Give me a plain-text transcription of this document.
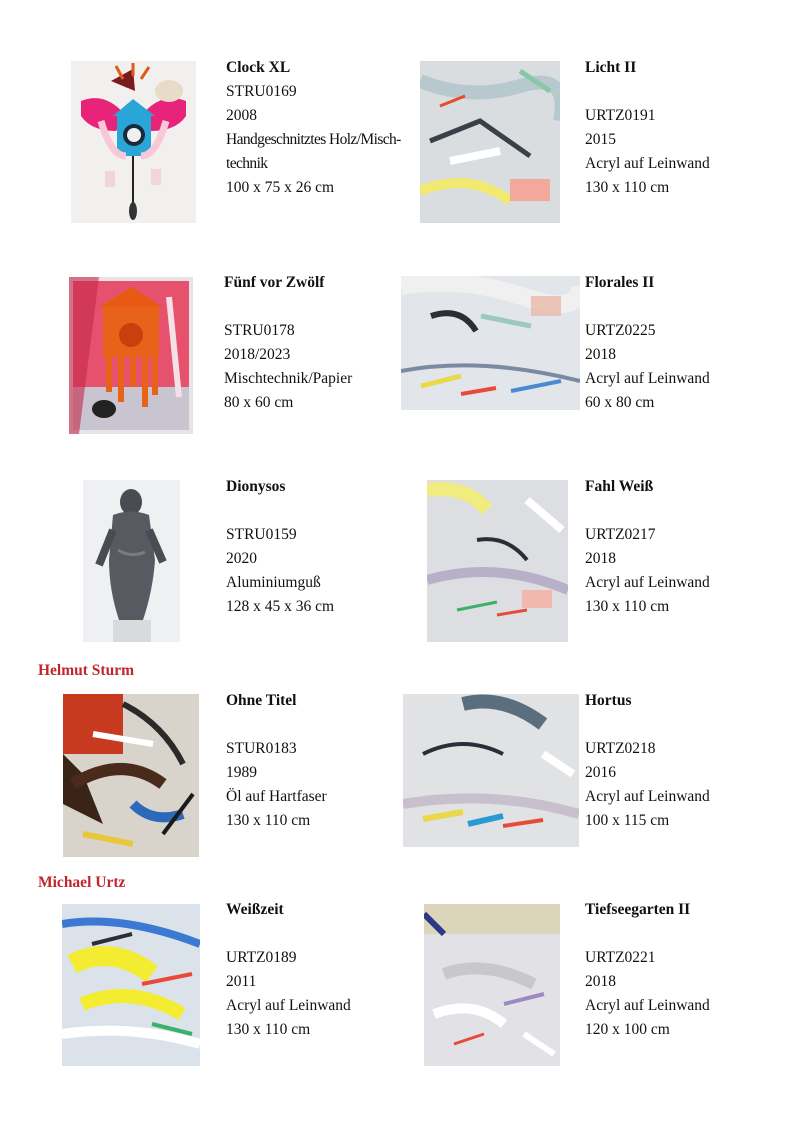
Clock XL
STRU0169
2008
Handgeschnitztes Holz/Misch-
technik
100 x 75 x 26 cm
Licht II
URTZ0191
2015
Acryl auf Leinwand
130 x 110 cm
Fünf vor Zwölf
STRU0178
2018/2023
Mischtechnik/Papier
80 x 60 cm
Florales II
URTZ0225
2018
Acryl auf Leinwand
60 x 80 cm
Dionysos
STRU0159
2020
Aluminiumguß
128 x 45 x 36 cm
Fahl Weiß
URTZ0217
2018
Acryl auf Leinwand
130 x 110 cm
Helmut Sturm
Ohne Titel
STUR0183
1989
Öl auf Hartfaser
130 x 110 cm
Hortus
URTZ0218
2016
Acryl auf Leinwand
100 x 115 cm
Michael Urtz
Weißzeit
URTZ0189
2011
Acryl auf Leinwand
130 x 110 cm
Tiefseegarten II
URTZ0221
2018
Acryl auf Leinwand
120 x 100 cm
